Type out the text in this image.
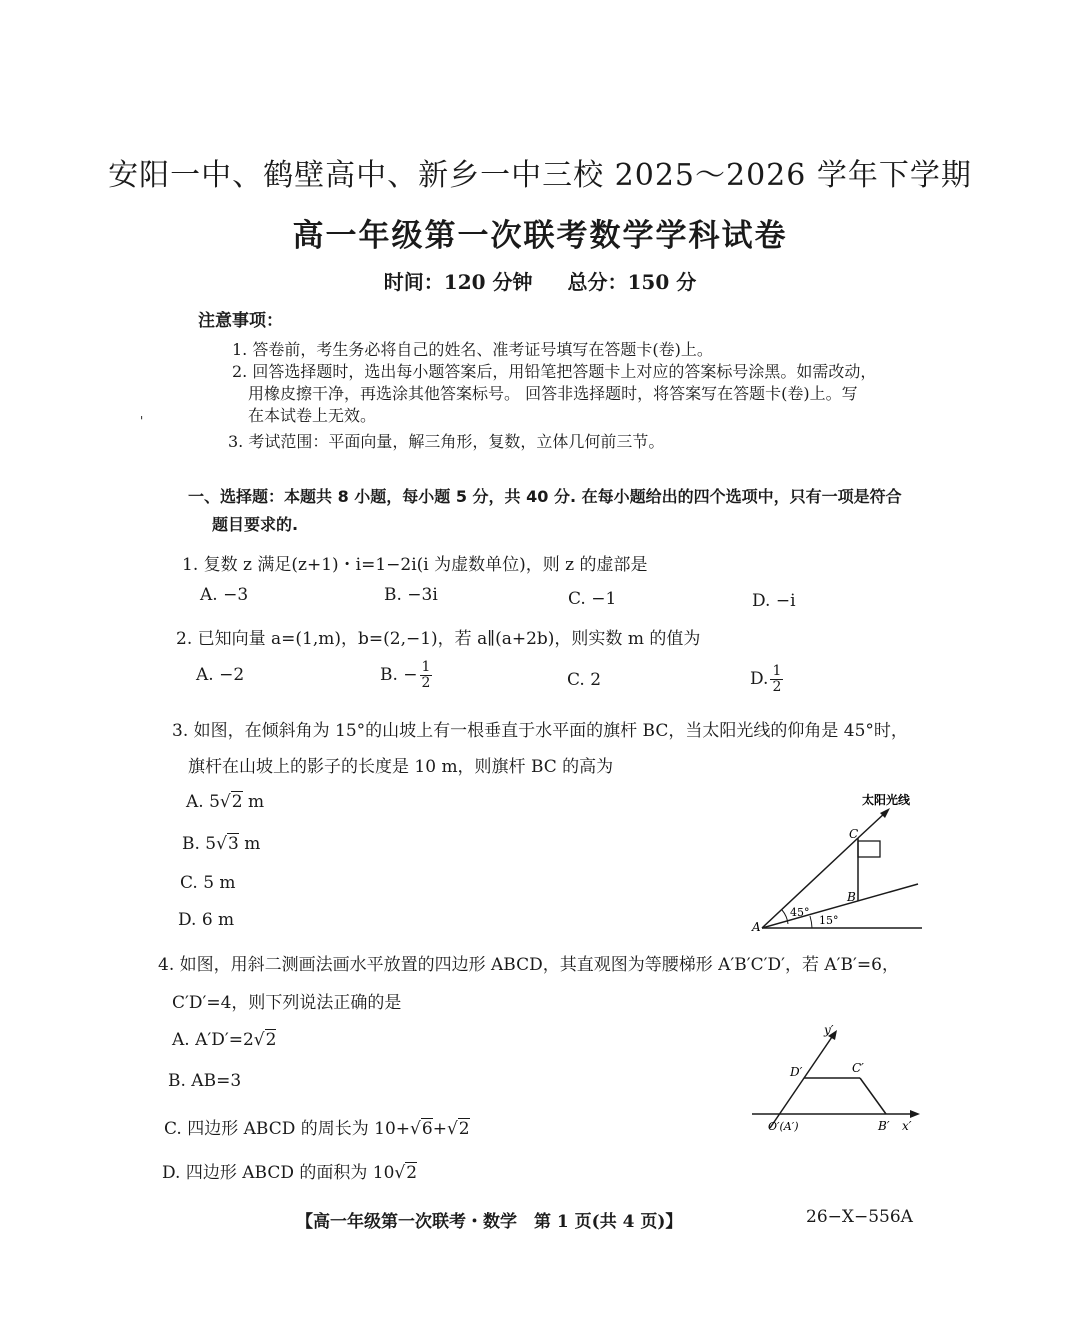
安阳一中、鹤壁高中、新乡一中三校 2025～2026 学年下学期
高一年级第一次联考数学学科试卷
时间：120 分钟 总分：150 分
注意事项：
1. 答卷前，考生务必将自己的姓名、准考证号填写在答题卡(卷)上。
2. 回答选择题时，选出每小题答案后，用铅笔把答题卡上对应的答案标号涂黑。如需改动，
用橡皮擦干净，再选涂其他答案标号。 回答非选择题时，将答案写在答题卡(卷)上。写
在本试卷上无效。
3. 考试范围：平面向量，解三角形，复数，立体几何前三节。
ꞌ
一、选择题：本题共 8 小题，每小题 5 分，共 40 分. 在每小题给出的四个选项中，只有一项是符合
题目要求的.
1. 复数 z 满足(z+1)・i=1−2i(i 为虚数单位)，则 z 的虚部是
A. −3	B. −3i	C. −1	D. −i
2. 已知向量 a=(1,m)，b=(2,−1)，若 a∥(a+2b)，则实数 m 的值为
A. −2	B. − $\frac{1}{2}$	C. 2	D. $\frac{1}{2}$
3. 如图，在倾斜角为 15°的山坡上有一根垂直于水平面的旗杆 BC，当太阳光线的仰角是 45°时，
旗杆在山坡上的影子的长度是 10 m，则旗杆 BC 的高为
A. 5√2 m
B. 5√3 m
C. 5 m
D. 6 m
太阳光线
C
B
A
45°
15°
4. 如图，用斜二测画法画水平放置的四边形 ABCD，其直观图为等腰梯形 A′B′C′D′，若 A′B′=6，
C′D′=4，则下列说法正确的是
A. A′D′=2√2
B. AB=3
C. 四边形 ABCD 的周长为 10+√6+√2
D. 四边形 ABCD 的面积为 10√2
y′
x′
D′	C′
O′(A′)	B′
【高一年级第一次联考・数学　第 1 页(共 4 页)】	26−X−556A
